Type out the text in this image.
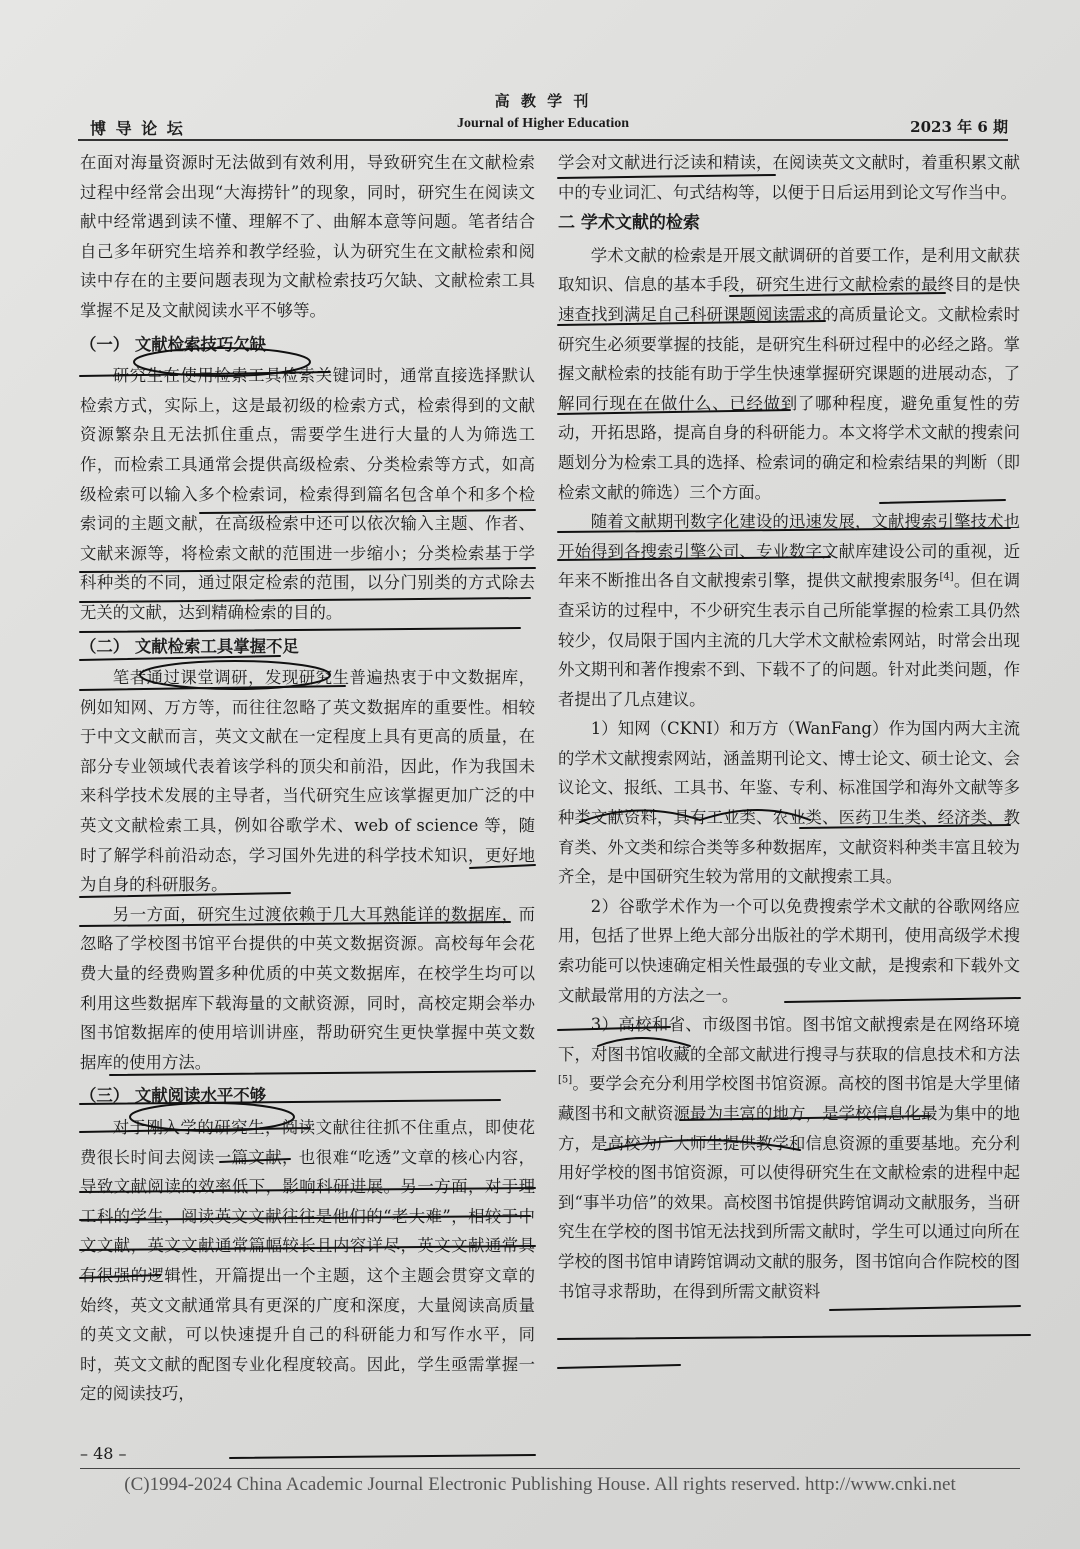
高 教 学 刊
博 导 论 坛	Journal of Higher Education	2023 年 6 期

在面对海量资源时无法做到有效利用，导致研究生在文献检索过程中经常会出现“大海捞针”的现象，同时，研究生在阅读文献中经常遇到读不懂、理解不了、曲解本意等问题。笔者结合自己多年研究生培养和教学经验，认为研究生在文献检索和阅读中存在的主要问题表现为文献检索技巧欠缺、文献检索工具掌握不足及文献阅读水平不够等。

（一） 文献检索技巧欠缺

研究生在使用检索工具检索关键词时，通常直接选择默认检索方式，实际上，这是最初级的检索方式，检索得到的文献资源繁杂且无法抓住重点，需要学生进行大量的人为筛选工作，而检索工具通常会提供高级检索、分类检索等方式，如高级检索可以输入多个检索词，检索得到篇名包含单个和多个检索词的主题文献，在高级检索中还可以依次输入主题、作者、文献来源等，将检索文献的范围进一步缩小；分类检索基于学科种类的不同，通过限定检索的范围，以分门别类的方式除去无关的文献，达到精确检索的目的。

（二） 文献检索工具掌握不足

笔者通过课堂调研，发现研究生普遍热衷于中文数据库，例如知网、万方等，而往往忽略了英文数据库的重要性。相较于中文文献而言，英文文献在一定程度上具有更高的质量，在部分专业领域代表着该学科的顶尖和前沿，因此，作为我国未来科学技术发展的主导者，当代研究生应该掌握更加广泛的中英文文献检索工具，例如谷歌学术、web of science 等，随时了解学科前沿动态，学习国外先进的科学技术知识，更好地为自身的科研服务。

另一方面，研究生过渡依赖于几大耳熟能详的数据库，而忽略了学校图书馆平台提供的中英文数据资源。高校每年会花费大量的经费购置多种优质的中英文数据库，在校学生均可以利用这些数据库下载海量的文献资源，同时，高校定期会举办图书馆数据库的使用培训讲座，帮助研究生更快掌握中英文数据库的使用方法。

（三） 文献阅读水平不够

对于刚入学的研究生，阅读文献往往抓不住重点，即使花费很长时间去阅读一篇文献，也很难“吃透”文章的核心内容，导致文献阅读的效率低下，影响科研进展。另一方面，对于理工科的学生，阅读英文文献往往是他们的“老大难”，相较于中文文献，英文文献通常篇幅较长且内容详尽，英文文献通常具有很强的逻辑性，开篇提出一个主题，这个主题会贯穿文章的始终，英文文献通常具有更深的广度和深度，大量阅读高质量的英文文献，可以快速提升自己的科研能力和写作水平，同时，英文文献的配图专业化程度较高。因此，学生亟需掌握一定的阅读技巧，

学会对文献进行泛读和精读，在阅读英文文献时，着重积累文献中的专业词汇、句式结构等，以便于日后运用到论文写作当中。

二 学术文献的检索

学术文献的检索是开展文献调研的首要工作，是利用文献获取知识、信息的基本手段，研究生进行文献检索的最终目的是快速查找到满足自己科研课题阅读需求的高质量论文。文献检索时研究生必须要掌握的技能，是研究生科研过程中的必经之路。掌握文献检索的技能有助于学生快速掌握研究课题的进展动态，了解同行现在在做什么、已经做到了哪种程度，避免重复性的劳动，开拓思路，提高自身的科研能力。本文将学术文献的搜索问题划分为检索工具的选择、检索词的确定和检索结果的判断（即检索文献的筛选）三个方面。

随着文献期刊数字化建设的迅速发展，文献搜索引擎技术也开始得到各搜索引擎公司、专业数字文献库建设公司的重视，近年来不断推出各自文献搜索引擎，提供文献搜索服务[4]。但在调查采访的过程中，不少研究生表示自己所能掌握的检索工具仍然较少，仅局限于国内主流的几大学术文献检索网站，时常会出现外文期刊和著作搜索不到、下载不了的问题。针对此类问题，作者提出了几点建议。

1）知网（CKNI）和万方（WanFang）作为国内两大主流的学术文献搜索网站，涵盖期刊论文、博士论文、硕士论文、会议论文、报纸、工具书、年鉴、专利、标准国学和海外文献等多种类文献资料，具有工业类、农业类、医药卫生类、经济类、教育类、外文类和综合类等多种数据库，文献资料种类丰富且较为齐全，是中国研究生较为常用的文献搜索工具。

2）谷歌学术作为一个可以免费搜索学术文献的谷歌网络应用，包括了世界上绝大部分出版社的学术期刊，使用高级学术搜索功能可以快速确定相关性最强的专业文献，是搜索和下载外文文献最常用的方法之一。

3）高校和省、市级图书馆。图书馆文献搜索是在网络环境下，对图书馆收藏的全部文献进行搜寻与获取的信息技术和方法[5]。要学会充分利用学校图书馆资源。高校的图书馆是大学里储藏图书和文献资源最为丰富的地方，是学校信息化最为集中的地方，是高校为广大师生提供教学和信息资源的重要基地。充分利用好学校的图书馆资源，可以使得研究生在文献检索的进程中起到“事半功倍”的效果。高校图书馆提供跨馆调动文献服务，当研究生在学校的图书馆无法找到所需文献时，学生可以通过向所在学校的图书馆申请跨馆调动文献的服务，图书馆向合作院校的图书馆寻求帮助，在得到所需文献资料

– 48 –
(C)1994-2024 China Academic Journal Electronic Publishing House. All rights reserved. http://www.cnki.net
